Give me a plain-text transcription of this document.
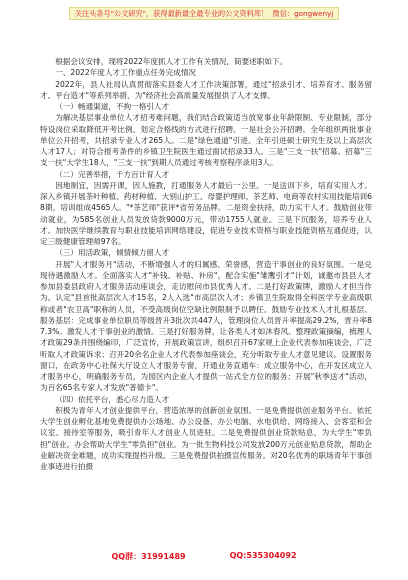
关注头条号"公文研究"，获得最新最全最专业的公文资料库！ 微信：gongwenyj

根据会议安排，现将2022年度抓人才工作有关情况，简要述职如下。

一、2022年度人才工作重点任务完成情况

2022年，县人社局认真贯彻落实县委人才工作决策部署，通过"招录引才、培养育才、服务留才、平台造才"等系列举措，为"经济社会高质量发展提供了人才支撑。

（一）畅通渠道，不拘一格引人才

为解决基层事业单位人才招考难问题，我们结合政策适当放宽事业年龄限制、专业限制，部分特设岗位采取降低开考比例、划定合格线的方式进行招聘。一是社会公开招聘。全年组织两批事业单位公开招考，共招录专业人才265人。二是"绿色通道"引进。全年引进硕士研究生及以上高层次人才17人；对符合报考条件的乡镇卫生院医生通过面试招录33人。三是"三支一扶"招募。招募"三支一扶"大学生18人，"三支一扶"到期人员通过考核考察程序录用3人。

（二）完善举措，千方百计育人才

因地制宜，因需开课，因人施教，打通服务人才最后一公里。一是送训下乡，培育实用人才。深入乡镇开展茶叶种植、药材种植、大别山护工、母婴护理师、茶艺师、电商等农村实用技能培训68期，培训组成4565人。"*茶艺师"获评*省劳务品牌。二是资金扶持，助力实干人才。鼓励创业带动就业，为585名创业人员发放贷款9000万元，带动1755人就业。三是下沉服务，培养专业人才。加快医学继续教育与职业技能培训网络建设，促进专业技术资格与职业技能资格互通促进，认定三级健康管理师97名。

（三）用活政策，倾情倾力留人才

开展"人才服务月"活动，不断增强人才的归属感、荣誉感，营造干事创业的良好氛围。一是兑现待遇激励人才。全面落实人才"补钱、补贴、补房"，配合实施"雏鹰引才"计划，诚邀市县县人才参加县委县政府人才服务活动座谈会，走访慰问市县优秀人才。二是打好政策牌，激励人才担当作为。认定"县首批高层次人才15名，2人入选"市高层次人才；乡镇卫生院取得全科医学专业高级职称或者"农卫高"职称的人员，不受高级岗位空缺比例限制予以聘任。鼓励专业技术人才扎根基层、服务基层：完成事业单位职员等级晋升3批次共447人，管理岗位人员晋升率提高29.2%，晋升率87.3%。激发人才干事创业的激情。三是打好服务牌，让各类人才如沐春风。整理政策摘编，梳理人才政策29条并围绕编印，广泛宣传，开展政策宣讲，组织召开67家规上企业代表参加座谈会，广泛听取人才政策诉求；召开20余名企业人才代表参加座谈会，充分听取专业人才意见建议。设置服务窗口，在政务中心社保大厅设立人才服务专窗，开通业务直通车：成立服务中心，在开发区成立人才服务中心，明确服务专员，为园区内企业人才提供一站式全方位的服务；开展"秋季送才"活动，为百名65名专家人才发放"普德卡"。

（四）依托平台，悉心尽力造人才

积极为青年人才创业提供平台，营造浓厚的创新创业氛围。一是免费提供创业服务平台。依托大学生创业孵化基地免费提供办公场地、办公设备、办公电脑、水电供给、网络接入、会客室和会议室、接待室等服务，吸引青年人才创业人员进驻。二是免费提供创业贷款贴息，为大学生"零负担"创业。办会帮助大学生"零负担"创业。为一批生物科技公司发放200万元创业贴息贷款，帮助企业解决资金难题，成功实现提档升级。三是免费提供拍摄宣传服务。对20名优秀的职场青年干事创业事迹进行拍摄

QQ群：31991489	QQ:535304092
